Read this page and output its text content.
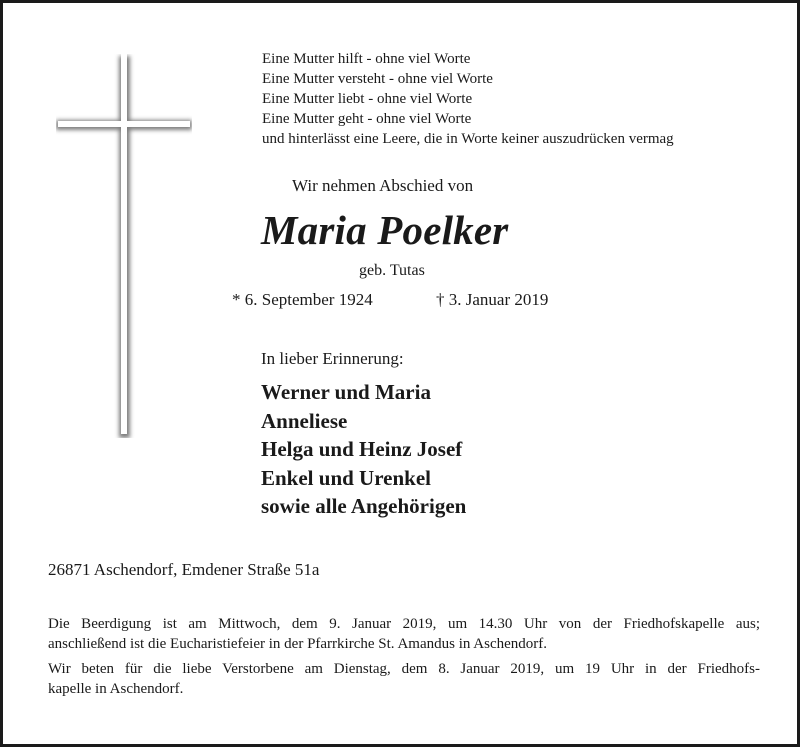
Eine Mutter hilft - ohne viel Worte
Eine Mutter versteht - ohne viel Worte
Eine Mutter liebt - ohne viel Worte
Eine Mutter geht - ohne viel Worte
und hinterlässt eine Leere, die in Worte keiner auszudrücken vermag
Wir nehmen Abschied von
Maria Poelker
geb. Tutas
* 6. September 1924	† 3. Januar 2019
In lieber Erinnerung:
Werner und Maria
Anneliese
Helga und Heinz Josef
Enkel und Urenkel
sowie alle Angehörigen
26871 Aschendorf, Emdener Straße 51a
Die Beerdigung ist am Mittwoch, dem 9. Januar 2019, um 14.30 Uhr von der Friedhofskapelle aus;
anschließend ist die Eucharistiefeier in der Pfarrkirche St. Amandus in Aschendorf.
Wir beten für die liebe Verstorbene am Dienstag, dem 8. Januar 2019, um 19 Uhr in der Friedhofs-
kapelle in Aschendorf.
